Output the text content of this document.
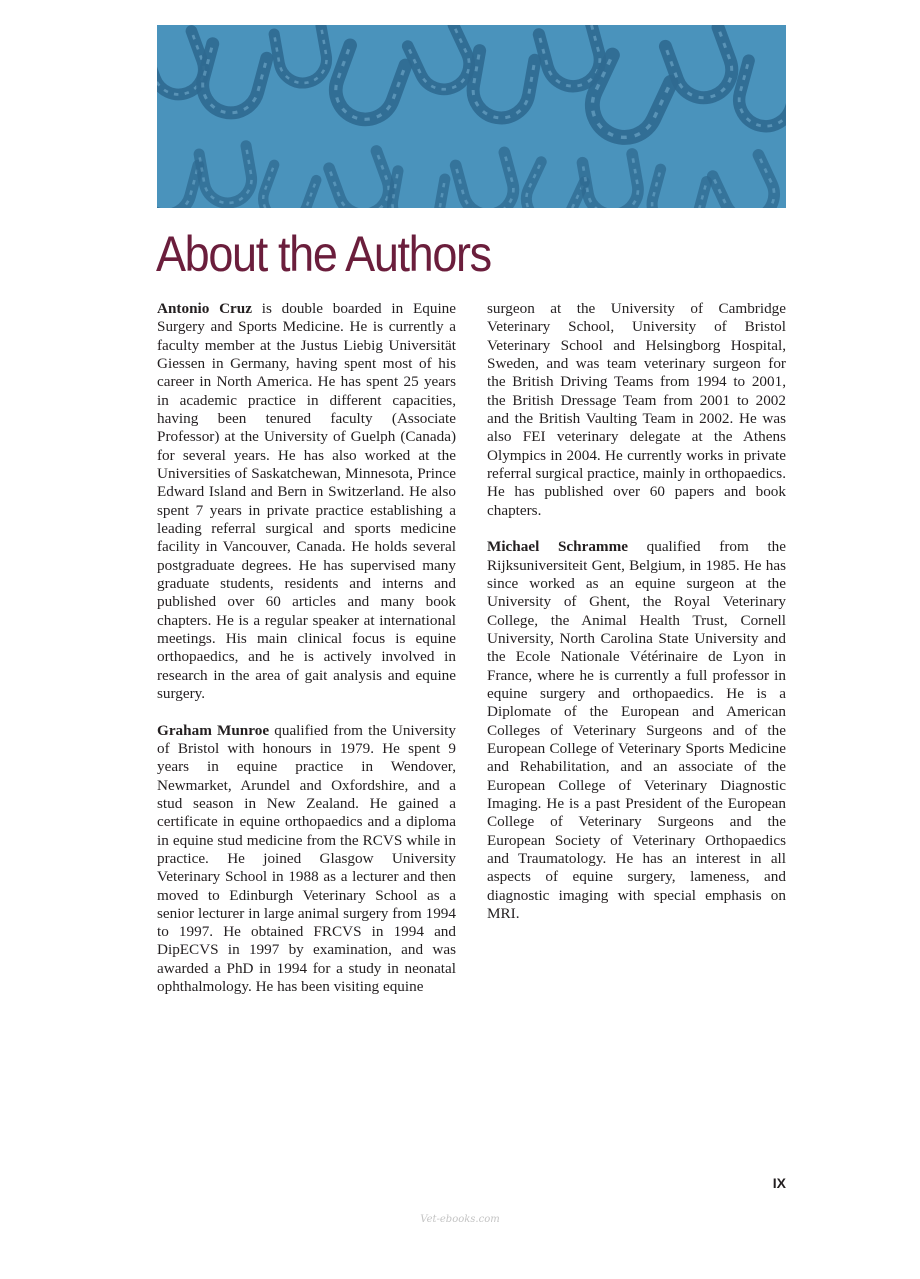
About the Authors

Antonio Cruz is double boarded in Equine Surgery and Sports Medicine. He is currently a faculty member at the Justus Liebig Universität Giessen in Germany, having spent most of his career in North America. He has spent 25 years in academic practice in different capacities, having been tenured faculty (Associate Professor) at the University of Guelph (Canada) for several years. He has also worked at the Universities of Saskatchewan, Minnesota, Prince Edward Island and Bern in Switzerland. He also spent 7 years in private practice establishing a leading referral surgical and sports medicine facility in Vancouver, Canada. He holds several postgraduate degrees. He has supervised many graduate students, residents and interns and published over 60 articles and many book chapters. He is a regular speaker at international meetings. His main clinical focus is equine orthopaedics, and he is actively involved in research in the area of gait analysis and equine surgery.

Graham Munroe qualified from the University of Bristol with honours in 1979. He spent 9 years in equine practice in Wendover, Newmarket, Arundel and Oxfordshire, and a stud season in New Zealand. He gained a certificate in equine orthopaedics and a diploma in equine stud medicine from the RCVS while in practice. He joined Glasgow University Veterinary School in 1988 as a lecturer and then moved to Edinburgh Veterinary School as a senior lecturer in large animal surgery from 1994 to 1997. He obtained FRCVS in 1994 and DipECVS in 1997 by examination, and was awarded a PhD in 1994 for a study in neonatal ophthalmology. He has been visiting equine

surgeon at the University of Cambridge Veterinary School, University of Bristol Veterinary School and Helsingborg Hospital, Sweden, and was team veterinary surgeon for the British Driving Teams from 1994 to 2001, the British Dressage Team from 2001 to 2002 and the British Vaulting Team in 2002. He was also FEI veterinary delegate at the Athens Olympics in 2004. He currently works in private referral surgical practice, mainly in orthopaedics. He has published over 60 papers and book chapters.

Michael Schramme qualified from the Rijksuniversiteit Gent, Belgium, in 1985. He has since worked as an equine surgeon at the University of Ghent, the Royal Veterinary College, the Animal Health Trust, Cornell University, North Carolina State University and the Ecole Nationale Vétérinaire de Lyon in France, where he is currently a full professor in equine surgery and orthopaedics. He is a Diplomate of the European and American Colleges of Veterinary Surgeons and of the European College of Veterinary Sports Medicine and Rehabilitation, and an associate of the European College of Veterinary Diagnostic Imaging. He is a past President of the European College of Veterinary Surgeons and the European Society of Veterinary Orthopaedics and Traumatology. He has an interest in all aspects of equine surgery, lameness, and diagnostic imaging with special emphasis on MRI.

IX
Vet-ebooks.com
